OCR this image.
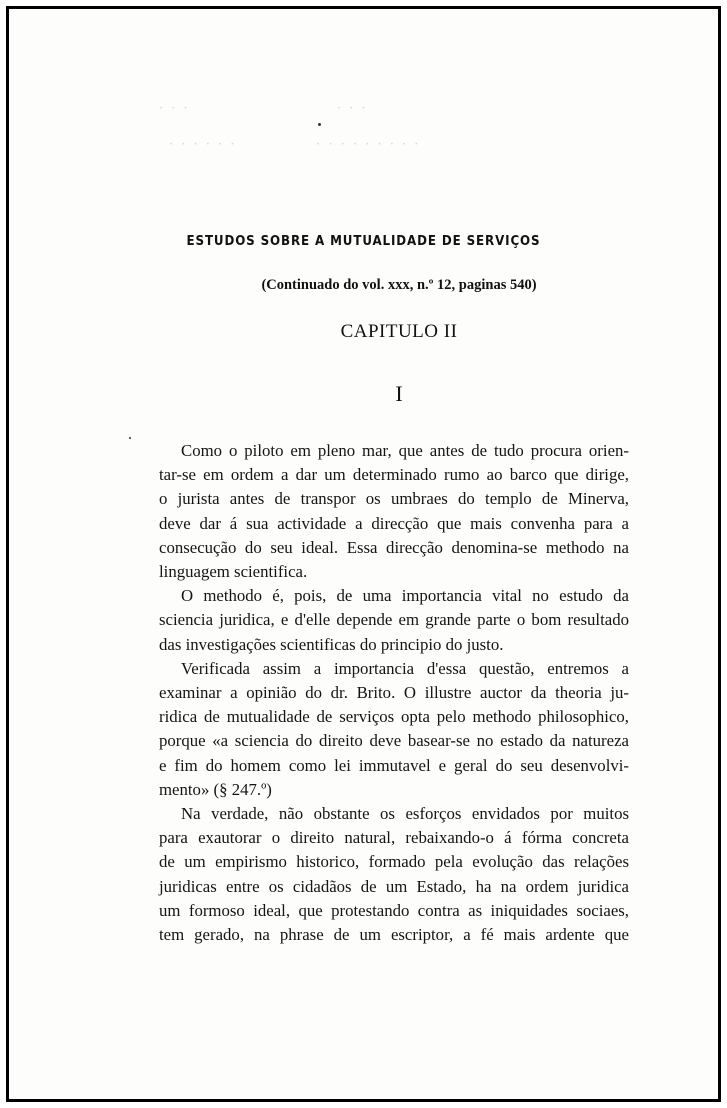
· · ·                        · · ·
· · · · · ·             · · · · · · · · ·
ESTUDOS SOBRE A MUTUALIDADE DE SERVIÇOS
(Continuado do vol. xxx, n.º 12, paginas 540)
CAPITULO II
I
Como o piloto em pleno mar, que antes de tudo procura orien-
tar-se em ordem a dar um determinado rumo ao barco que dirige,
o jurista antes de transpor os umbraes do templo de Minerva,
deve dar á sua actividade a direcção que mais convenha para a
consecução do seu ideal. Essa direcção denomina-se methodo na
linguagem scientifica.
O methodo é, pois, de uma importancia vital no estudo da
sciencia juridica, e d'elle depende em grande parte o bom resultado
das investigações scientificas do principio do justo.
Verificada assim a importancia d'essa questão, entremos a
examinar a opinião do dr. Brito. O illustre auctor da theoria ju-
ridica de mutualidade de serviços opta pelo methodo philosophico,
porque «a sciencia do direito deve basear-se no estado da natureza
e fim do homem como lei immutavel e geral do seu desenvolvi-
mento» (§ 247.º)
Na verdade, não obstante os esforços envidados por muitos
para exautorar o direito natural, rebaixando-o á fórma concreta
de um empirismo historico, formado pela evolução das relações
juridicas entre os cidadãos de um Estado, ha na ordem juridica
um formoso ideal, que protestando contra as iniquidades sociaes,
tem gerado, na phrase de um escriptor, a fé mais ardente que
